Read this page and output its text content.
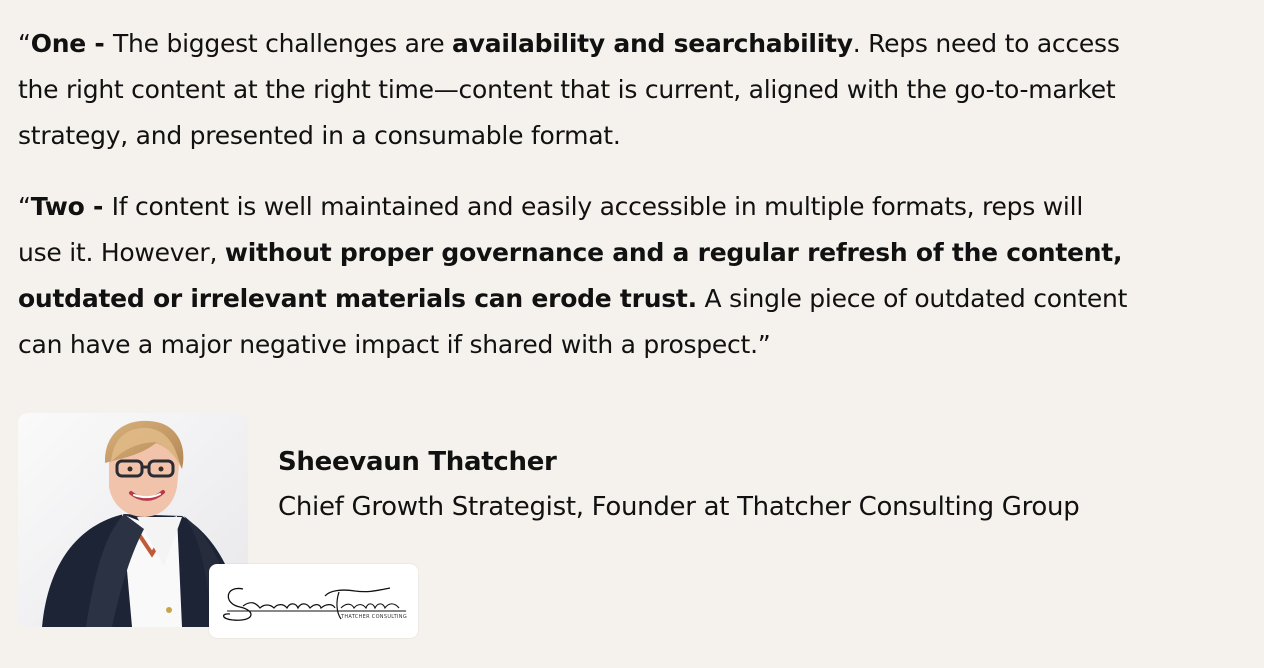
“One - The biggest challenges are availability and searchability. Reps need to access
the right content at the right time—content that is current, aligned with the go-to-market
strategy, and presented in a consumable format.

“Two - If content is well maintained and easily accessible in multiple formats, reps will
use it. However, without proper governance and a regular refresh of the content,
outdated or irrelevant materials can erode trust. A single piece of outdated content
can have a major negative impact if shared with a prospect.”

THATCHER CONSULTING
Sheevaun Thatcher
Chief Growth Strategist, Founder at Thatcher Consulting Group
